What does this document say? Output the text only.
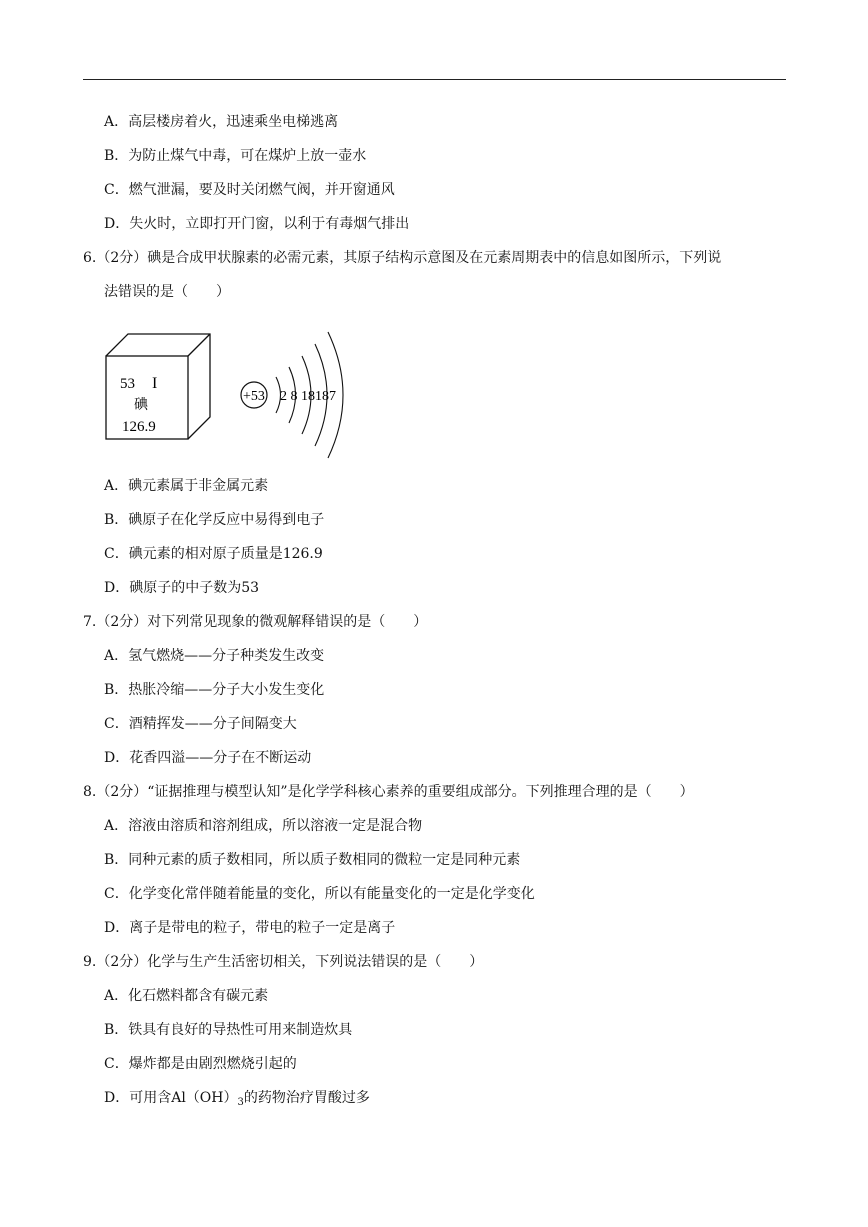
A．高层楼房着火，迅速乘坐电梯逃离
B．为防止煤气中毒，可在煤炉上放一壶水
C．燃气泄漏，要及时关闭燃气阀，并开窗通风
D．失火时，立即打开门窗，以利于有毒烟气排出
6.（2分）碘是合成甲状腺素的必需元素，其原子结构示意图及在元素周期表中的信息如图所示，下列说
法错误的是（　　）
53 I
碘
126.9
+53 2 8 18187
A．碘元素属于非金属元素
B．碘原子在化学反应中易得到电子
C．碘元素的相对原子质量是126.9
D．碘原子的中子数为53
7.（2分）对下列常见现象的微观解释错误的是（　　）
A．氢气燃烧——分子种类发生改变
B．热胀冷缩——分子大小发生变化
C．酒精挥发——分子间隔变大
D．花香四溢——分子在不断运动
8.（2分）“证据推理与模型认知”是化学学科核心素养的重要组成部分。下列推理合理的是（　　）
A．溶液由溶质和溶剂组成，所以溶液一定是混合物
B．同种元素的质子数相同，所以质子数相同的微粒一定是同种元素
C．化学变化常伴随着能量的变化，所以有能量变化的一定是化学变化
D．离子是带电的粒子，带电的粒子一定是离子
9.（2分）化学与生产生活密切相关，下列说法错误的是（　　）
A．化石燃料都含有碳元素
B．铁具有良好的导热性可用来制造炊具
C．爆炸都是由剧烈燃烧引起的
D．可用含$Al(OH)_3$的药物治疗胃酸过多
